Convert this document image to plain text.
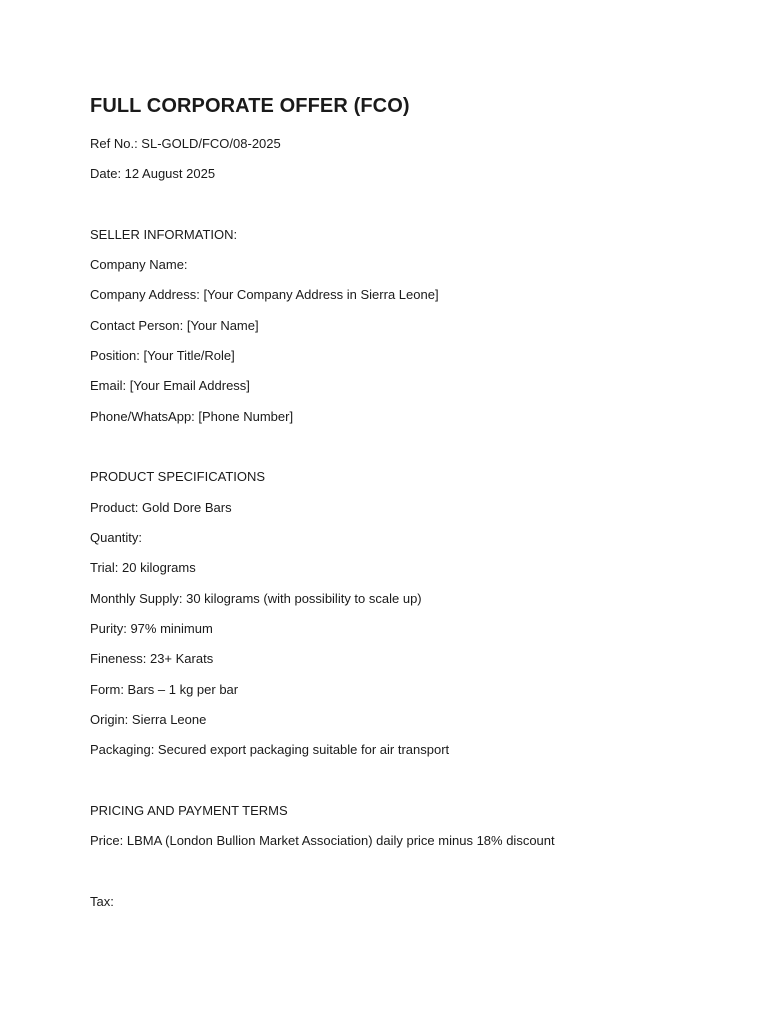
FULL CORPORATE OFFER (FCO)
Ref No.: SL-GOLD/FCO/08-2025
Date: 12 August 2025
SELLER INFORMATION:
Company Name:
Company Address: [Your Company Address in Sierra Leone]
Contact Person: [Your Name]
Position: [Your Title/Role]
Email: [Your Email Address]
Phone/WhatsApp: [Phone Number]
PRODUCT SPECIFICATIONS
Product: Gold Dore Bars
Quantity:
Trial: 20 kilograms
Monthly Supply: 30 kilograms (with possibility to scale up)
Purity: 97% minimum
Fineness: 23+ Karats
Form: Bars – 1 kg per bar
Origin: Sierra Leone
Packaging: Secured export packaging suitable for air transport
PRICING AND PAYMENT TERMS
Price: LBMA (London Bullion Market Association) daily price minus 18% discount
Tax:
